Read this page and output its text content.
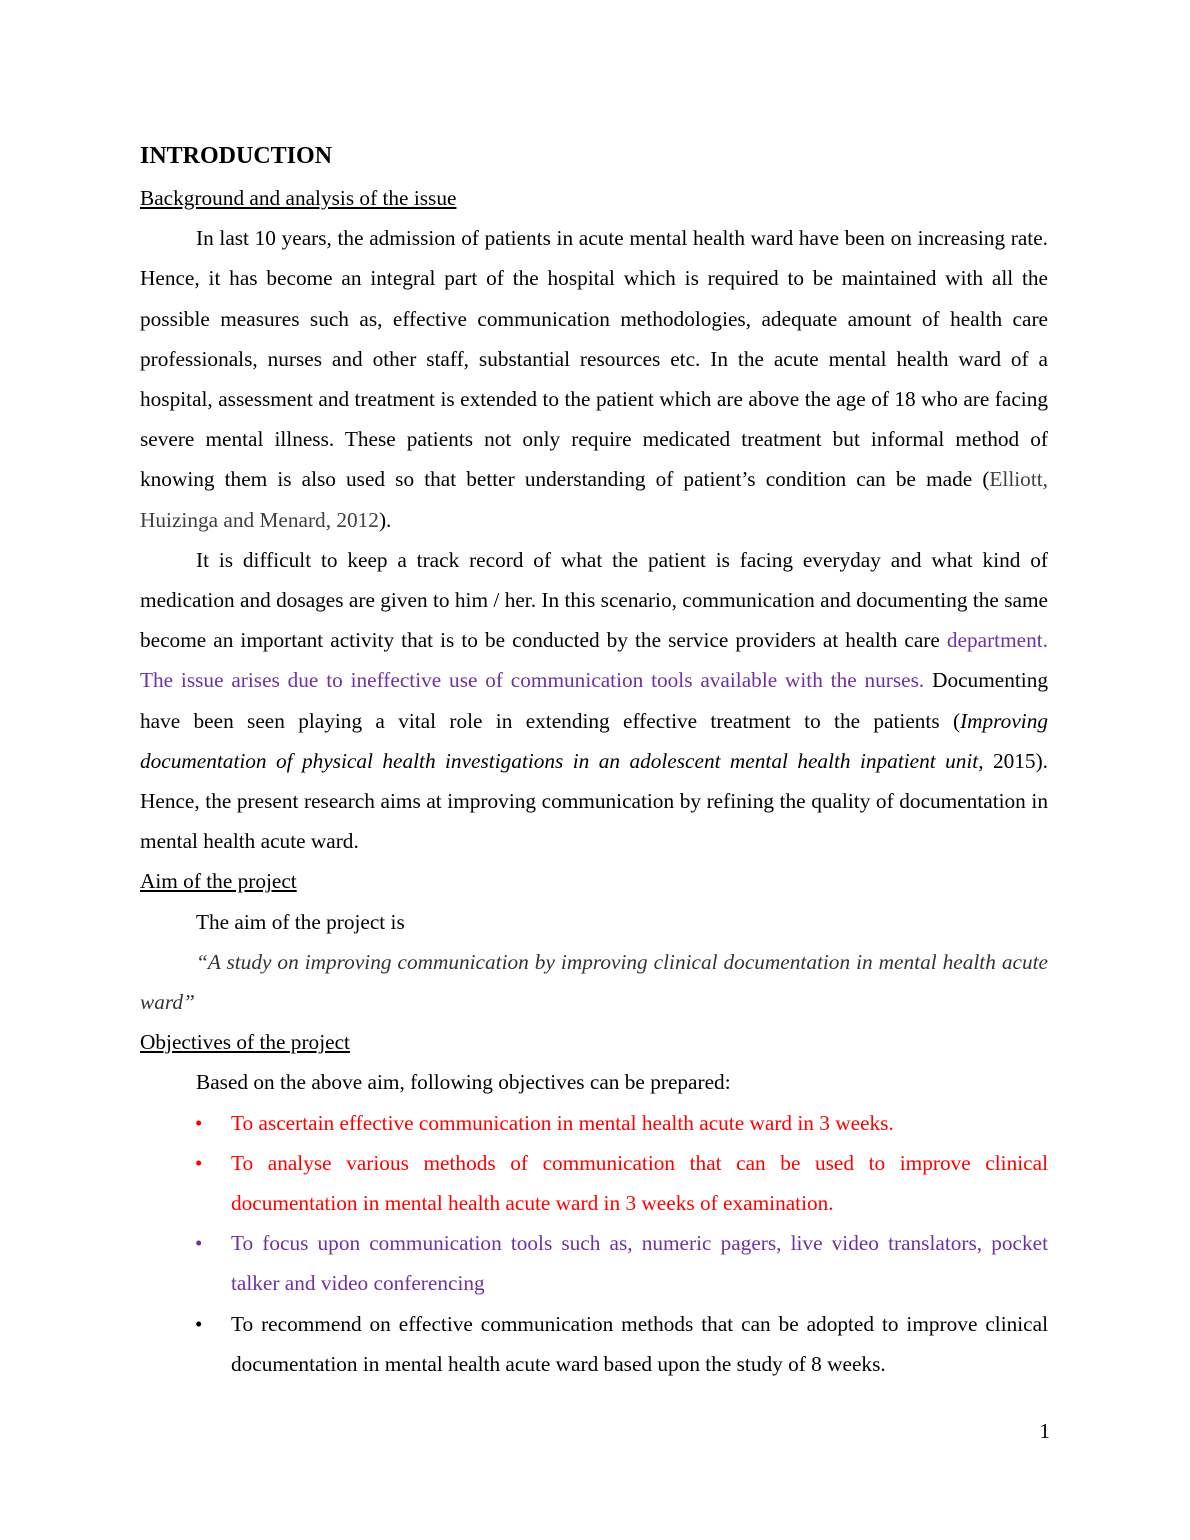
INTRODUCTION

Background and analysis of the issue

In last 10 years, the admission of patients in acute mental health ward have been on increasing rate. Hence, it has become an integral part of the hospital which is required to be maintained with all the possible measures such as, effective communication methodologies, adequate amount of health care professionals, nurses and other staff, substantial resources etc. In the acute mental health ward of a hospital, assessment and treatment is extended to the patient which are above the age of 18 who are facing severe mental illness. These patients not only require medicated treatment but informal method of knowing them is also used so that better understanding of patient’s condition can be made (Elliott, Huizinga and Menard, 2012).

It is difficult to keep a track record of what the patient is facing everyday and what kind of medication and dosages are given to him / her. In this scenario, communication and documenting the same become an important activity that is to be conducted by the service providers at health care department. The issue arises due to ineffective use of communication tools available with the nurses. Documenting have been seen playing a vital role in extending effective treatment to the patients (Improving documentation of physical health investigations in an adolescent mental health inpatient unit, 2015). Hence, the present research aims at improving communication by refining the quality of documentation in mental health acute ward.

Aim of the project

The aim of the project is

“A study on improving communication by improving clinical documentation in mental health acute ward”

Objectives of the project

Based on the above aim, following objectives can be prepared:

• To ascertain effective communication in mental health acute ward in 3 weeks.
• To analyse various methods of communication that can be used to improve clinical documentation in mental health acute ward in 3 weeks of examination.
• To focus upon communication tools such as, numeric pagers, live video translators, pocket talker and video conferencing
• To recommend on effective communication methods that can be adopted to improve clinical documentation in mental health acute ward based upon the study of 8 weeks.
1
